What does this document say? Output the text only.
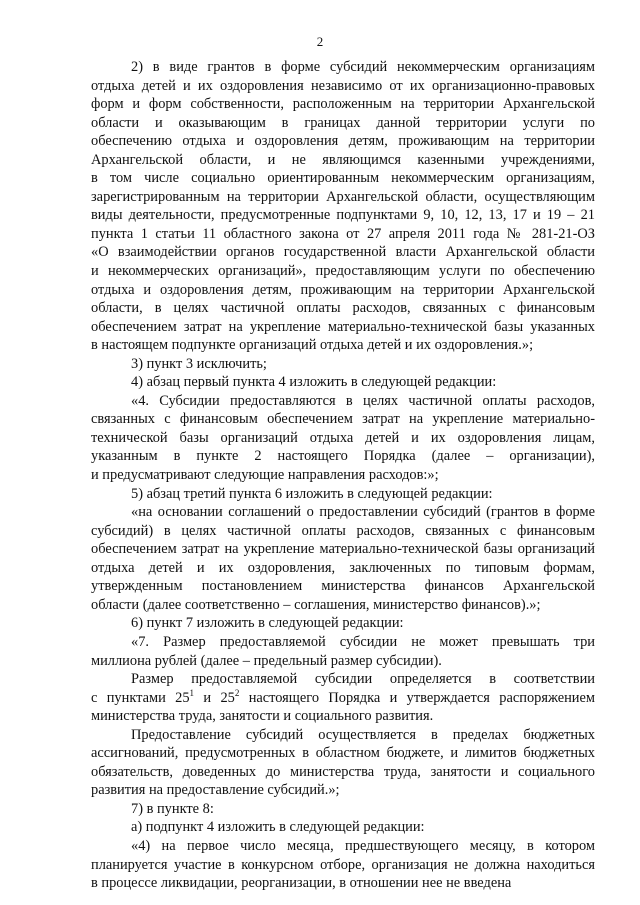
2
2) в виде грантов в форме субсидий некоммерческим организациям
отдыха детей и их оздоровления независимо от их организационно-правовых
форм и форм собственности, расположенным на территории Архангельской
области и оказывающим в границах данной территории услуги по
обеспечению отдыха и оздоровления детям, проживающим на территории
Архангельской области, и не являющимся казенными учреждениями,
в том числе социально ориентированным некоммерческим организациям,
зарегистрированным на территории Архангельской области, осуществляющим
виды деятельности, предусмотренные подпунктами 9, 10, 12, 13, 17 и 19 – 21
пункта 1 статьи 11 областного закона от 27 апреля 2011 года № 281-21-ОЗ
«О взаимодействии органов государственной власти Архангельской области
и некоммерческих организаций», предоставляющим услуги по обеспечению
отдыха и оздоровления детям, проживающим на территории Архангельской
области, в целях частичной оплаты расходов, связанных с финансовым
обеспечением затрат на укрепление материально-технической базы указанных
в настоящем подпункте организаций отдыха детей и их оздоровления.»;
3) пункт 3 исключить;
4) абзац первый пункта 4 изложить в следующей редакции:
«4. Субсидии предоставляются в целях частичной оплаты расходов,
связанных с финансовым обеспечением затрат на укрепление материально-
технической базы организаций отдыха детей и их оздоровления лицам,
указанным в пункте 2 настоящего Порядка (далее – организации),
и предусматривают следующие направления расходов:»;
5) абзац третий пункта 6 изложить в следующей редакции:
«на основании соглашений о предоставлении субсидий (грантов в форме
субсидий) в целях частичной оплаты расходов, связанных с финансовым
обеспечением затрат на укрепление материально-технической базы организаций
отдыха детей и их оздоровления, заключенных по типовым формам,
утвержденным постановлением министерства финансов Архангельской
области (далее соответственно – соглашения, министерство финансов).»;
6) пункт 7 изложить в следующей редакции:
«7. Размер предоставляемой субсидии не может превышать три
миллиона рублей (далее – предельный размер субсидии).
Размер предоставляемой субсидии определяется в соответствии
с пунктами $25^1$ и $25^2$ настоящего Порядка и утверждается распоряжением
министерства труда, занятости и социального развития.
Предоставление субсидий осуществляется в пределах бюджетных
ассигнований, предусмотренных в областном бюджете, и лимитов бюджетных
обязательств, доведенных до министерства труда, занятости и социального
развития на предоставление субсидий.»;
7) в пункте 8:
а) подпункт 4 изложить в следующей редакции:
«4) на первое число месяца, предшествующего месяцу, в котором
планируется участие в конкурсном отборе, организация не должна находиться
в процессе ликвидации, реорганизации, в отношении нее не введена
